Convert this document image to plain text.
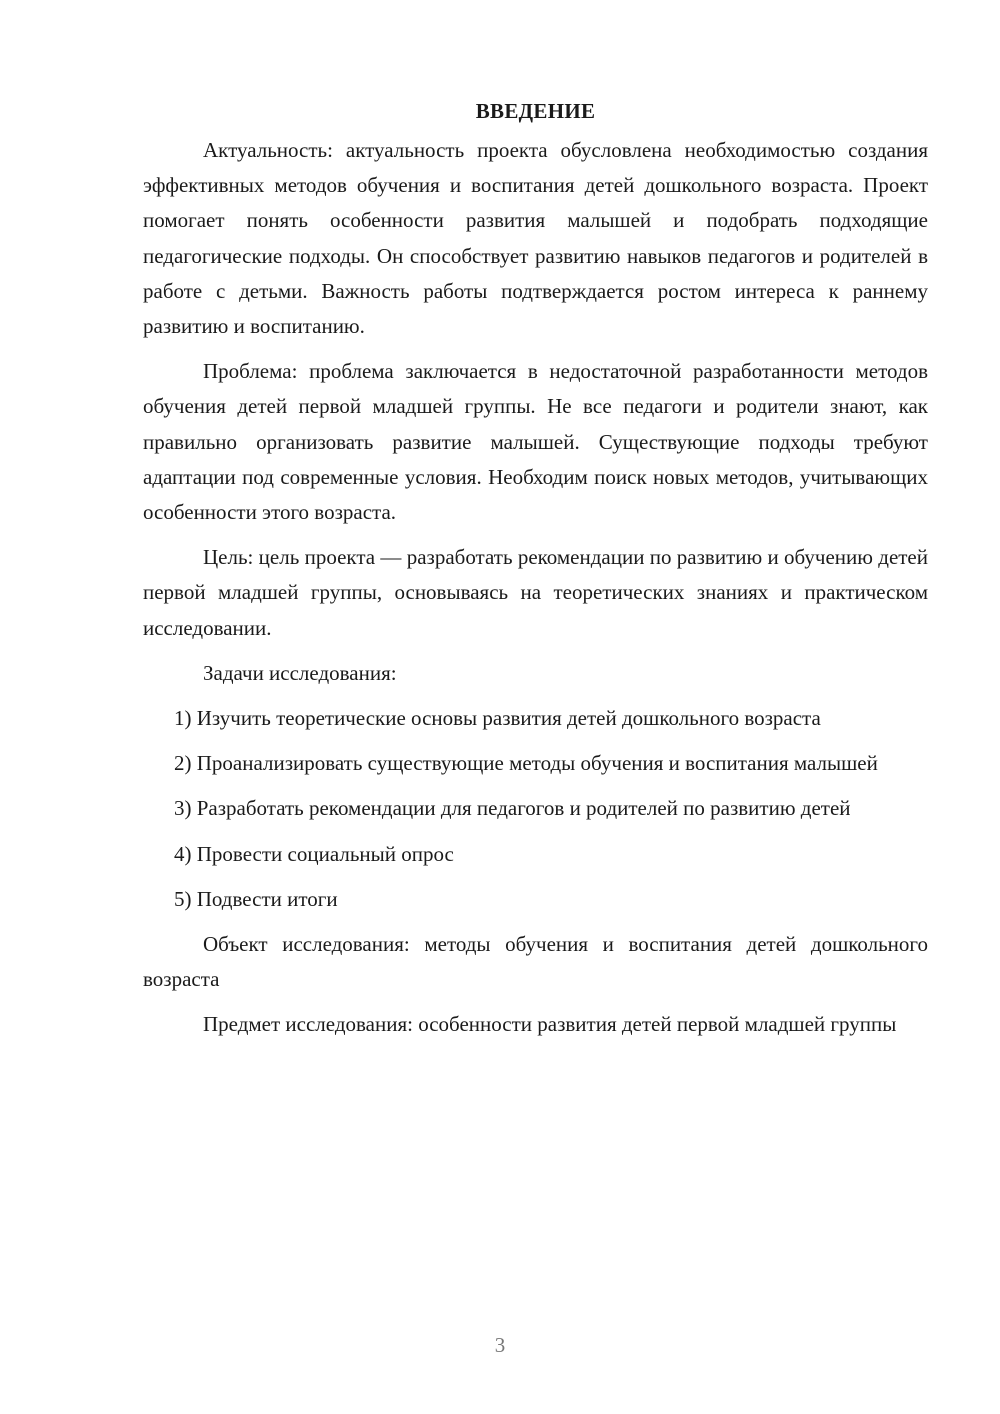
ВВЕДЕНИЕ

Актуальность: актуальность проекта обусловлена необходимостью создания эффективных методов обучения и воспитания детей дошкольного возраста. Проект помогает понять особенности развития малышей и подобрать подходящие педагогические подходы. Он способствует развитию навыков педагогов и родителей в работе с детьми. Важность работы подтверждается ростом интереса к раннему развитию и воспитанию.

Проблема: проблема заключается в недостаточной разработанности методов обучения детей первой младшей группы. Не все педагоги и родители знают, как правильно организовать развитие малышей. Существующие подходы требуют адаптации под современные условия. Необходим поиск новых методов, учитывающих особенности этого возраста.

Цель: цель проекта — разработать рекомендации по развитию и обучению детей первой младшей группы, основываясь на теоретических знаниях и практическом исследовании.

Задачи исследования:

1) Изучить теоретические основы развития детей дошкольного возраста

2) Проанализировать существующие методы обучения и воспитания малышей

3) Разработать рекомендации для педагогов и родителей по развитию детей

4) Провести социальный опрос

5) Подвести итоги

Объект исследования: методы обучения и воспитания детей дошкольного возраста

Предмет исследования: особенности развития детей первой младшей группы

3
